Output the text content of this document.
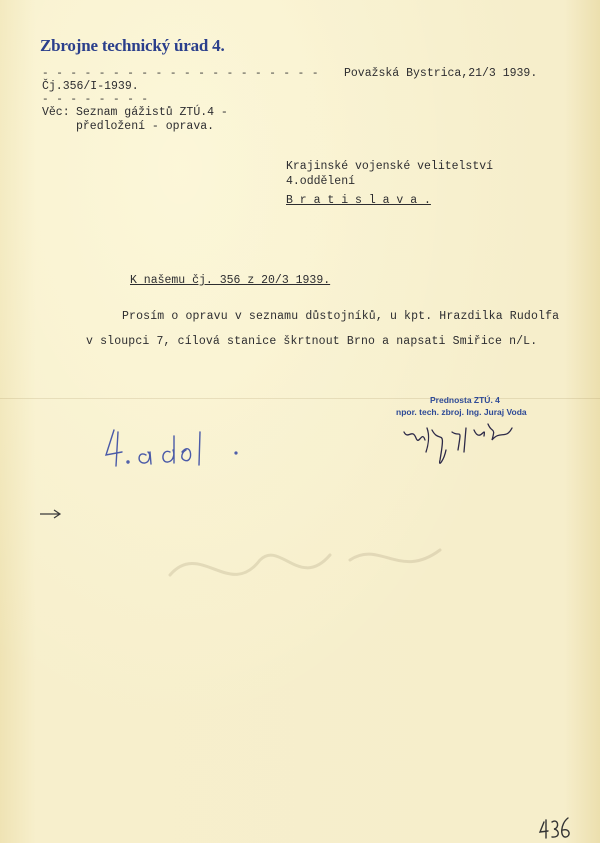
Zbrojne technický úrad 4.
- - - - - - - - - - - - - - - - - - - -
Čj.356/I-1939.
- - - - - - - -
Věc: Seznam gážistů ZTÚ.4 -
předložení - oprava.
Považská Bystrica,21/3 1939.
Krajinské vojenské velitelství
4.oddělení
B r a t i s l a v a .
K našemu čj. 356 z 20/3 1939.
Prosím o opravu v seznamu důstojníků, u kpt. Hrazdilka Rudolfa
v sloupci 7, cílová stanice škrtnout Brno a napsati Smiřice n/L.
Prednosta ZTÚ. 4
npor. tech. zbroj. Ing. Juraj Voda
